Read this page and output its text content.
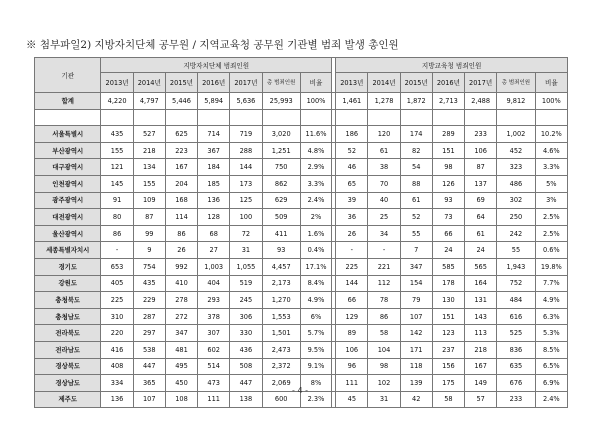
※ 첨부파일2) 지방자치단체 공무원 / 지역교육청 공무원 기관별 범죄 발생 총인원
기관	지방자치단체 범죄인원								지방교육청 범죄인원						
	2013년	2014년	2015년	2016년	2017년	총 범죄인원	비율		2013년	2014년	2015년	2016년	2017년	총 범죄인원	비율
합계	4,220	4,797	5,446	5,894	5,636	25,993	100%		1,461	1,278	1,872	2,713	2,488	9,812	100%

서울특별시	435	527	625	714	719	3,020	11.6%		186	120	174	289	233	1,002	10.2%
부산광역시	155	218	223	367	288	1,251	4.8%		52	61	82	151	106	452	4.6%
대구광역시	121	134	167	184	144	750	2.9%		46	38	54	98	87	323	3.3%
인천광역시	145	155	204	185	173	862	3.3%		65	70	88	126	137	486	5%
광주광역시	91	109	168	136	125	629	2.4%		39	40	61	93	69	302	3%
대전광역시	80	87	114	128	100	509	2%		36	25	52	73	64	250	2.5%
울산광역시	86	99	86	68	72	411	1.6%		26	34	55	66	61	242	2.5%
세종특별자치시	-	9	26	27	31	93	0.4%		-	-	7	24	24	55	0.6%
경기도	653	754	992	1,003	1,055	4,457	17.1%		225	221	347	585	565	1,943	19.8%
강원도	405	435	410	404	519	2,173	8.4%		144	112	154	178	164	752	7.7%
충청북도	225	229	278	293	245	1,270	4.9%		66	78	79	130	131	484	4.9%
충청남도	310	287	272	378	306	1,553	6%		129	86	107	151	143	616	6.3%
전라북도	220	297	347	307	330	1,501	5.7%		89	58	142	123	113	525	5.3%
전라남도	416	538	481	602	436	2,473	9.5%		106	104	171	237	218	836	8.5%
경상북도	408	447	495	514	508	2,372	9.1%		96	98	118	156	167	635	6.5%
경상남도	334	365	450	473	447	2,069	8%		111	102	139	175	149	676	6.9%
제주도	136	107	108	111	138	600	2.3%		45	31	42	58	57	233	2.4%
- 4 -
